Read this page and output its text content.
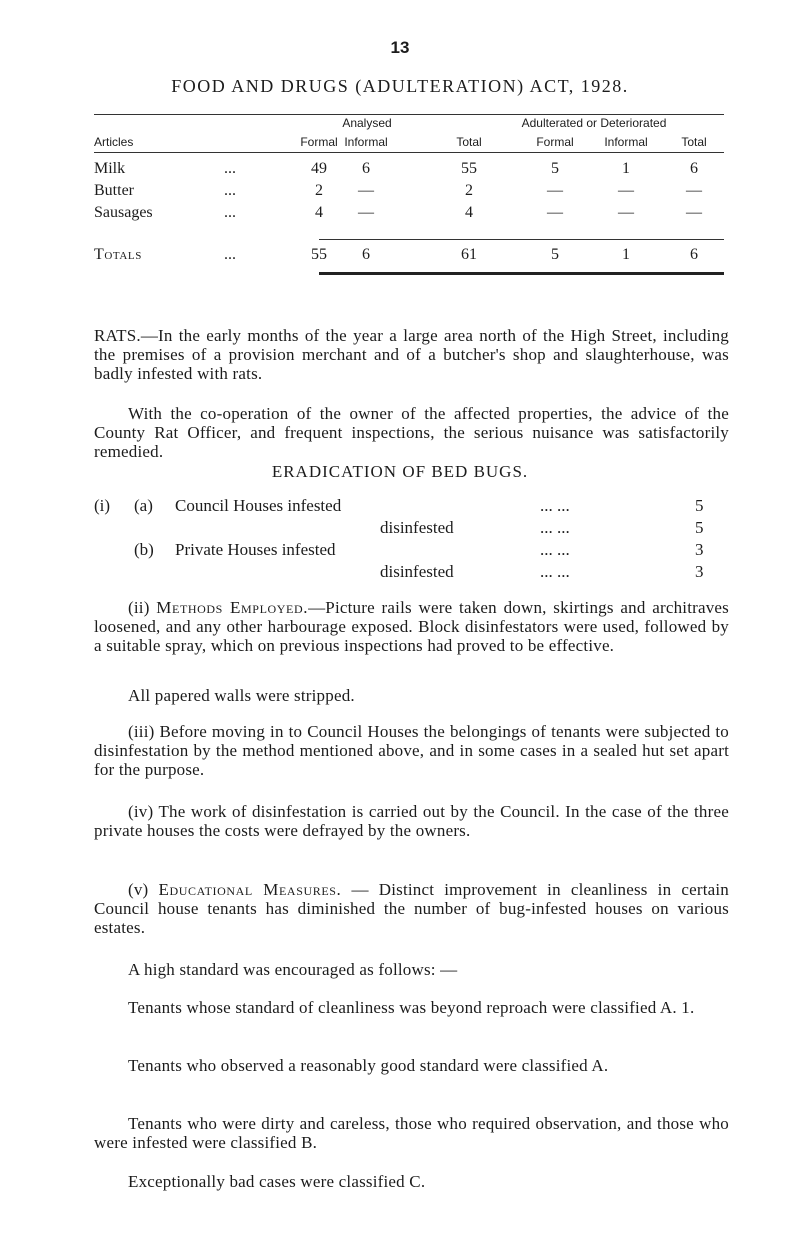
13
FOOD AND DRUGS (ADULTERATION) ACT, 1928.
Analysed	Adulterated or Deteriorated
Articles	Formal Informal	Total	Formal	Informal	Total
Milk	...	49	6	55	5	1	6
Butter	...	2	—	2	—	—	—
Sausages	...	4	—	4	—	—	—
Totals	...	55	6	61	5	1	6
RATS.—In the early months of the year a large area north of the High Street, including the premises of a provision merchant and of a butcher's shop and slaughterhouse, was badly infested with rats.
With the co-operation of the owner of the affected properties, the advice of the County Rat Officer, and frequent inspections, the serious nuisance was satisfactorily remedied.
ERADICATION OF BED BUGS.
(i) (a) Council Houses infested	... ...	5
disinfested	... ...	5
(b) Private Houses infested	... ...	3
disinfested	... ...	3
(ii) Methods Employed.—Picture rails were taken down, skirtings and architraves loosened, and any other harbourage exposed. Block disinfestators were used, followed by a suitable spray, which on previous inspections had proved to be effective.
All papered walls were stripped.
(iii) Before moving in to Council Houses the belongings of tenants were subjected to disinfestation by the method mentioned above, and in some cases in a sealed hut set apart for the purpose.
(iv) The work of disinfestation is carried out by the Council. In the case of the three private houses the costs were defrayed by the owners.
(v) Educational Measures. — Distinct improvement in cleanliness in certain Council house tenants has diminished the number of bug-infested houses on various estates.
A high standard was encouraged as follows: —
Tenants whose standard of cleanliness was beyond reproach were classified A. 1.
Tenants who observed a reasonably good standard were classified A.
Tenants who were dirty and careless, those who required observation, and those who were infested were classified B.
Exceptionally bad cases were classified C.
